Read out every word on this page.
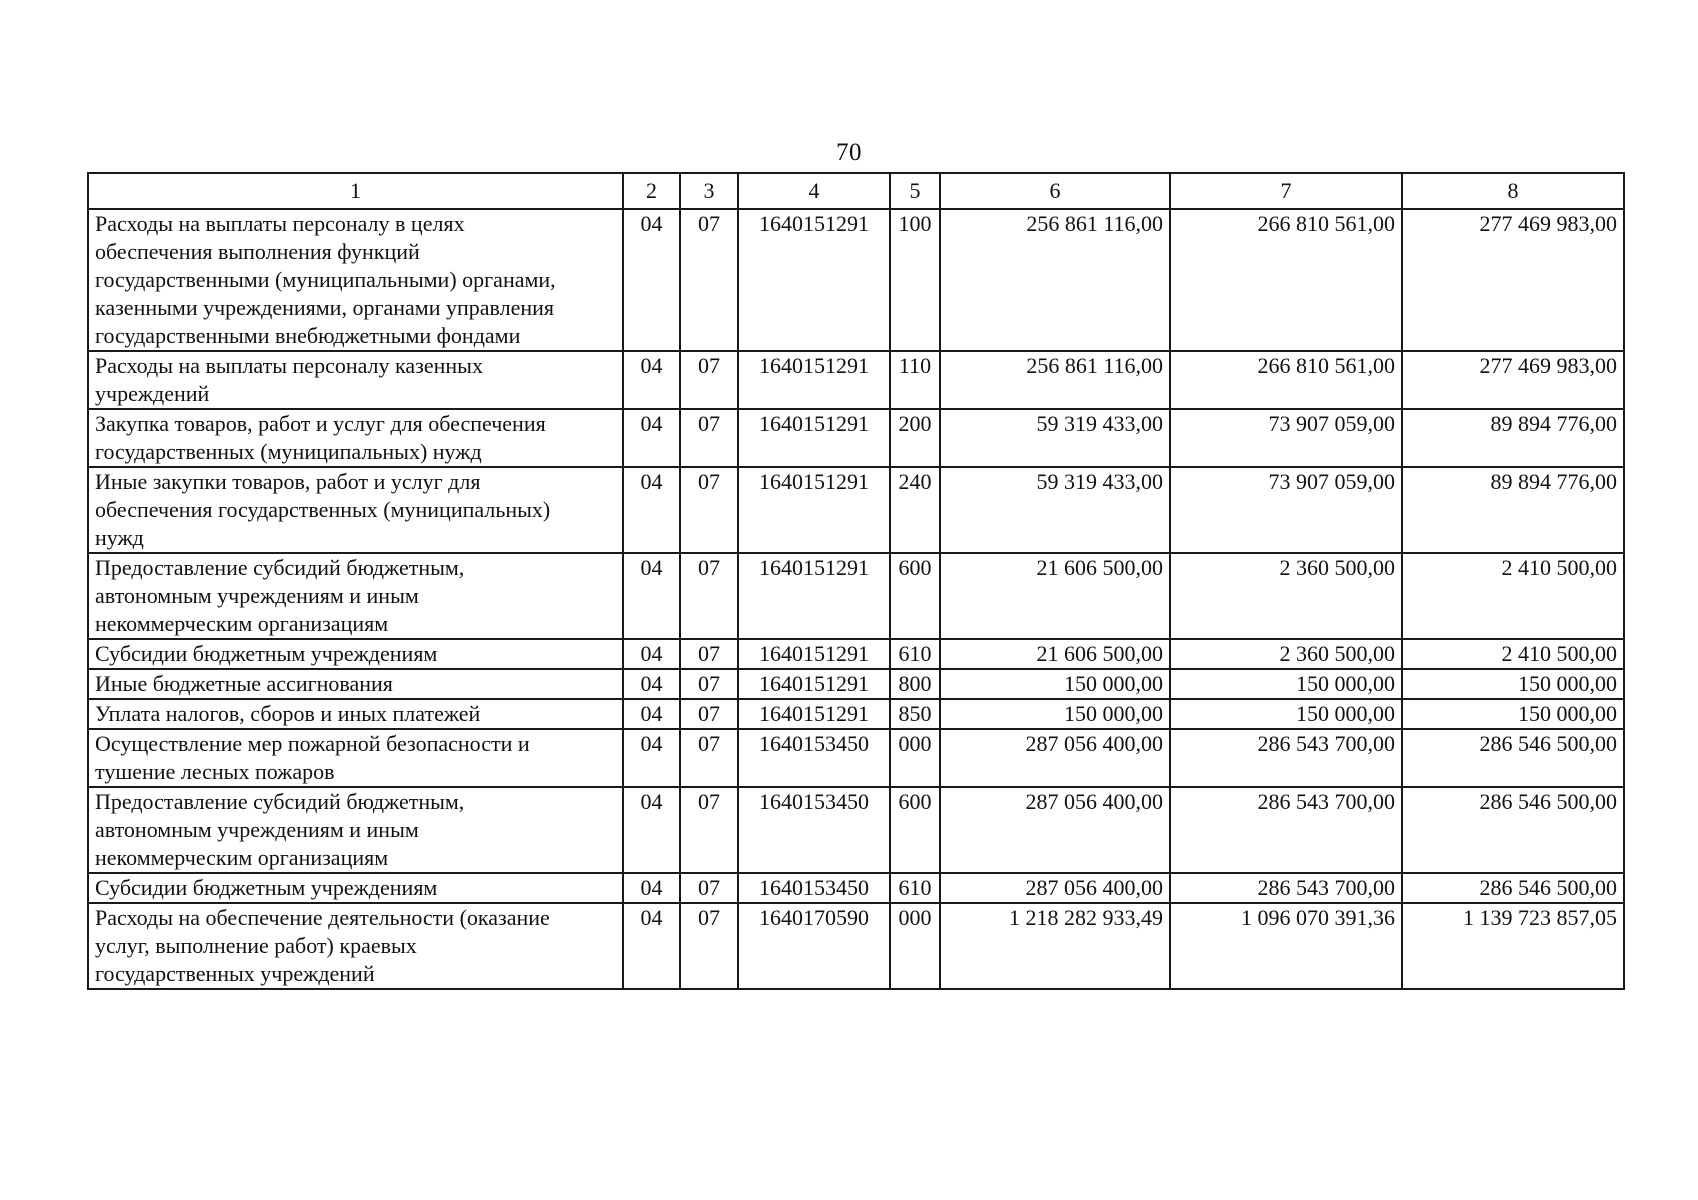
70
1	2	3	4	5	6	7	8
Расходы на выплаты персоналу в целях
обеспечения выполнения функций
государственными (муниципальными) органами,
казенными учреждениями, органами управления
государственными внебюджетными фондами	04	07	1640151291	100	256 861 116,00	266 810 561,00	277 469 983,00
Расходы на выплаты персоналу казенных
учреждений	04	07	1640151291	110	256 861 116,00	266 810 561,00	277 469 983,00
Закупка товаров, работ и услуг для обеспечения
государственных (муниципальных) нужд	04	07	1640151291	200	59 319 433,00	73 907 059,00	89 894 776,00
Иные закупки товаров, работ и услуг для
обеспечения государственных (муниципальных)
нужд	04	07	1640151291	240	59 319 433,00	73 907 059,00	89 894 776,00
Предоставление субсидий бюджетным,
автономным учреждениям и иным
некоммерческим организациям	04	07	1640151291	600	21 606 500,00	2 360 500,00	2 410 500,00
Субсидии бюджетным учреждениям	04	07	1640151291	610	21 606 500,00	2 360 500,00	2 410 500,00
Иные бюджетные ассигнования	04	07	1640151291	800	150 000,00	150 000,00	150 000,00
Уплата налогов, сборов и иных платежей	04	07	1640151291	850	150 000,00	150 000,00	150 000,00
Осуществление мер пожарной безопасности и
тушение лесных пожаров	04	07	1640153450	000	287 056 400,00	286 543 700,00	286 546 500,00
Предоставление субсидий бюджетным,
автономным учреждениям и иным
некоммерческим организациям	04	07	1640153450	600	287 056 400,00	286 543 700,00	286 546 500,00
Субсидии бюджетным учреждениям	04	07	1640153450	610	287 056 400,00	286 543 700,00	286 546 500,00
Расходы на обеспечение деятельности (оказание
услуг, выполнение работ) краевых
государственных учреждений	04	07	1640170590	000	1 218 282 933,49	1 096 070 391,36	1 139 723 857,05
